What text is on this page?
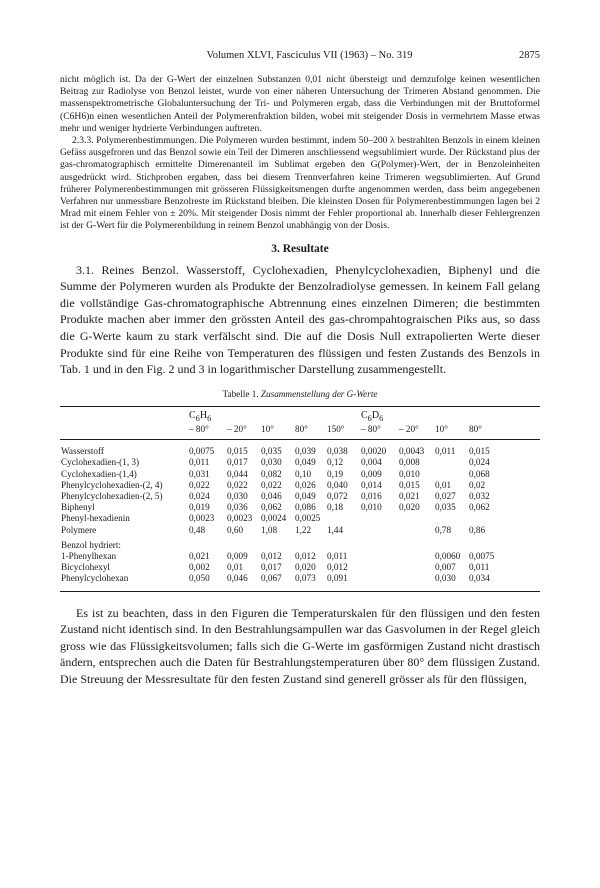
Volumen XLVI, Fasciculus VII (1963) – No. 319	2875

nicht möglich ist. Da der G-Wert der einzelnen Substanzen 0,01 nicht übersteigt und demzufolge keinen wesentlichen Beitrag zur Radiolyse von Benzol leistet, wurde von einer näheren Untersuchung der Trimeren Abstand genommen. Die massenspektrometrische Globaluntersuchung der Tri- und Polymeren ergab, dass die Verbindungen mit der Bruttoformel (C6H6)n einen wesentlichen Anteil der Polymerenfraktion bilden, wobei mit steigender Dosis in vermehrtem Masse etwas mehr und weniger hydrierte Verbindungen auftreten.

2.3.3. Polymerenbestimmungen. Die Polymeren wurden bestimmt, indem 50–200 λ bestrahlten Benzols in einem kleinen Gefäss ausgefroren und das Benzol sowie ein Teil der Dimeren anschliessend wegsublimiert wurde. Der Rückstand plus der gas-chromatographisch ermittelte Dimerenanteil im Sublimat ergeben den G(Polymer)-Wert, der in Benzoleinheiten ausgedrückt wird. Stichproben ergaben, dass bei diesem Trennverfahren keine Trimeren wegsublimierten. Auf Grund früherer Polymerenbestimmungen mit grösseren Flüssigkeitsmengen durfte angenommen werden, dass beim angegebenen Verfahren nur unmessbare Benzolreste im Rückstand bleiben. Die kleinsten Dosen für Polymerenbestimmungen lagen bei 2 Mrad mit einem Fehler von ± 20%. Mit steigender Dosis nimmt der Fehler proportional ab. Innerhalb dieser Fehlergrenzen ist der G-Wert für die Polymerenbildung in reinem Benzol unabhängig von der Dosis.

3. Resultate

3.1. Reines Benzol. Wasserstoff, Cyclohexadien, Phenylcyclohexadien, Biphenyl und die Summe der Polymeren wurden als Produkte der Benzolradiolyse gemessen. In keinem Fall gelang die vollständige Gas-chromatographische Abtrennung eines einzelnen Dimeren; die bestimmten Produkte machen aber immer den grössten Anteil des gas-chrompahtograischen Piks aus, so dass die G-Werte kaum zu stark verfälscht sind. Die auf die Dosis Null extrapolierten Werte dieser Produkte sind für eine Reihe von Temperaturen des flüssigen und festen Zustands des Benzols in Tab. 1 und in den Fig. 2 und 3 in logarithmischer Darstellung zusammengestellt.

Tabelle 1. Zusammenstellung der G-Werte
	$C_6H_6$					$C_6D_6$
	– 80°	– 20°	10°	80°	150°	– 80°	– 20°	10°	80°
Wasserstoff	0,0075	0,015	0,035	0,039	0,038	0,0020	0,0043	0,011	0,015
Cyclohexadien-(1, 3)	0,011	0,017	0,030	0,049	0,12	0,004	0,008		0,024
Cyclohexadien-(1,4)	0,031	0,044	0,082	0,10	0,19	0,009	0,010		0,068
Phenylcyclohexadien-(2, 4)	0,022	0,022	0,022	0,026	0,040	0,014	0,015	0,01	0,02
Phenylcyclohexadien-(2, 5)	0,024	0,030	0,046	0,049	0,072	0,016	0,021	0,027	0,032
Biphenyl	0,019	0,036	0,062	0,086	0,18	0,010	0,020	0,035	0,062
Phenyl-hexadienin	0,0023	0,0023	0,0024	0,0025					
Polymere	0,48	0,60	1,08	1,22	1,44			0,78	0,86
Benzol hydriert:									
1-Phenylhexan	0,021	0,009	0,012	0,012	0,011			0,0060	0,0075
Bicyclohexyl	0,002	0,01	0,017	0,020	0,012			0,007	0,011
Phenylcyclohexan	0,050	0,046	0,067	0,073	0,091			0,030	0,034

Es ist zu beachten, dass in den Figuren die Temperaturskalen für den flüssigen und den festen Zustand nicht identisch sind. In den Bestrahlungsampullen war das Gasvolumen in der Regel gleich gross wie das Flüssigkeitsvolumen; falls sich die G-Werte im gasförmigen Zustand nicht drastisch ändern, entsprechen auch die Daten für Bestrahlungstemperaturen über 80° dem flüssigen Zustand. Die Streuung der Messresultate für den festen Zustand sind generell grösser als für den flüssigen,
